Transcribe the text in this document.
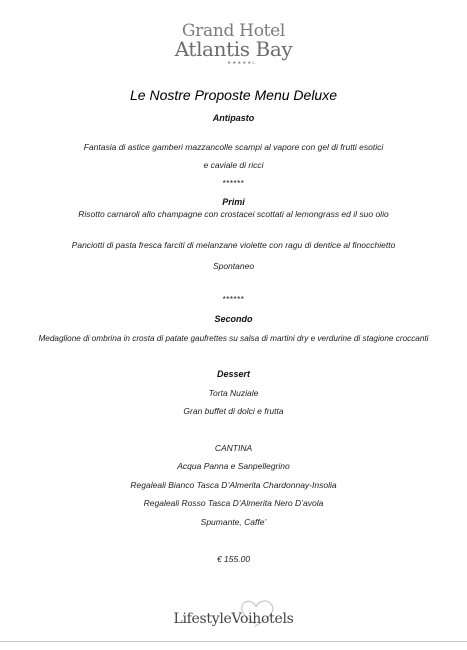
Grand Hotel
Atlantis Bay
★★★★★L
Le Nostre Proposte Menu Deluxe
Antipasto
Fantasia di astice gamberi mazzancolle scampi al vapore con gel di frutti esotici
e caviale di ricci
******
Primi
Risotto carnaroli allo champagne con crostacei scottati al lemongrass ed il suo olio
Panciotti di pasta fresca farciti di melanzane violette con ragu di dentice al finocchietto
Spontaneo
******
Secondo
Medaglione di ombrina in crosta di patate gaufrettes su salsa di martini dry e verdurine di stagione croccanti
Dessert
Torta Nuziale
Gran buffet di dolci e frutta
CANTINA
Acqua Panna e Sanpellegrino
Regaleali Bianco Tasca D’Almerita Chardonnay-Insolia
Regaleali Rosso Tasca D’Almerita Nero D’avola
Spumante, Caffe’
€ 155.00
LifestyleVoihotels
